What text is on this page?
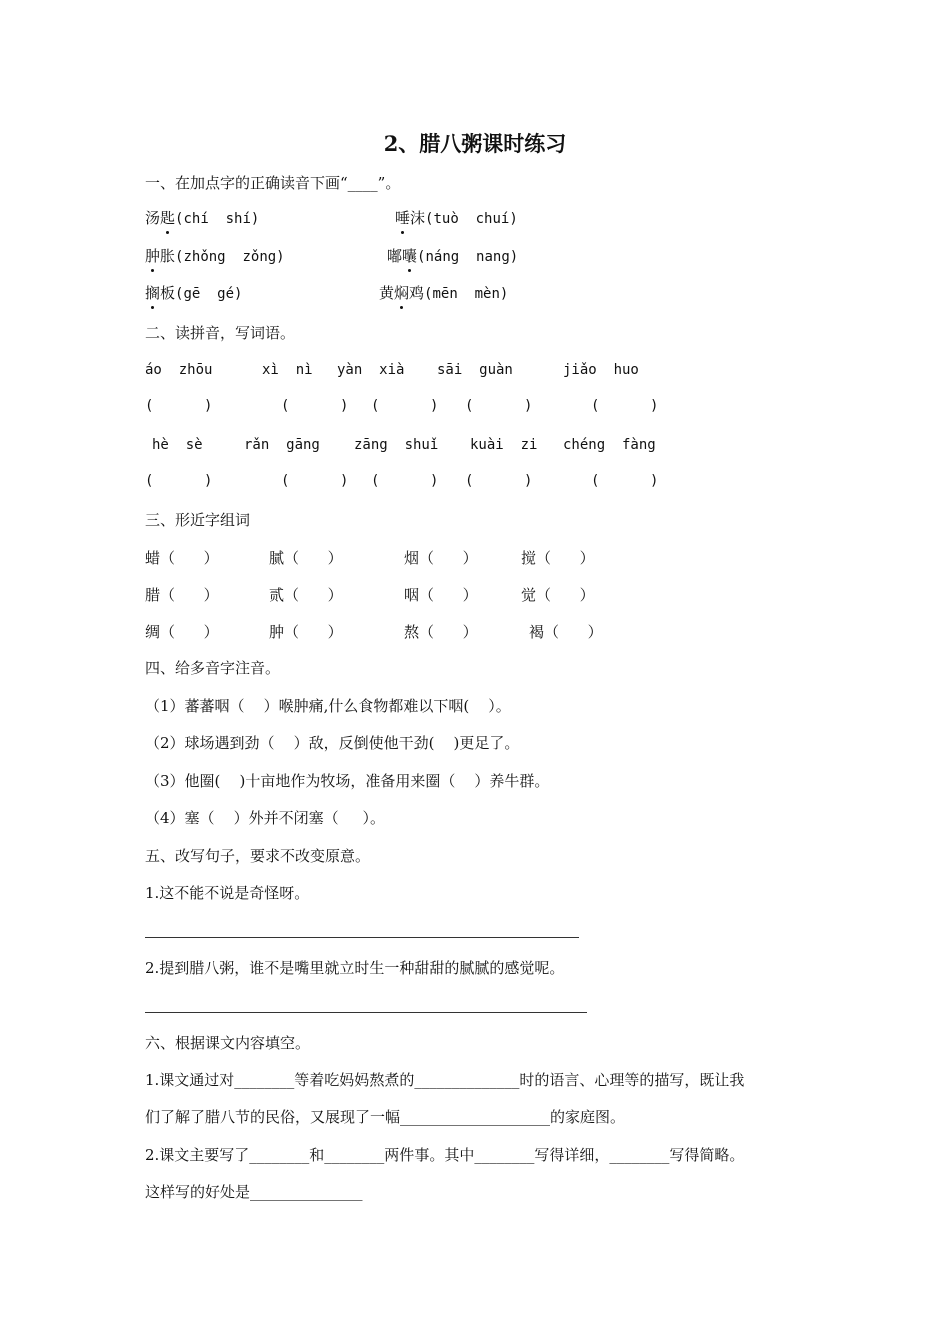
2、腊八粥课时练习
一、在加点字的正确读音下画“____”。
汤匙(chí  shí)	唾沫(tuò  chuí)
肿胀(zhǒng  zǒng)	嘟囔(náng  nang)
搁板(gē  gé)	黄焖鸡(mēn  mèn)
二、读拼音，写词语。
áo  zhōu	xì  nì yàn  xià sāi  guàn	jiǎo  huo
(      )	(      ) (      ) (      )	(      )
hè  sè	rǎn  gāng zāng  shuǐ kuài  zi chéng  fàng
(      )	(      ) (      ) (      )	(      )
三、形近字组词
蜡（      ）	腻（      ）	烟（      ）	搅（      ）
腊（      ）	贰（      ）	咽（      ）	觉（      ）
绸（      ）	肿（      ）	熬（      ）	褐（      ）
四、给多音字注音。
（1）蕃蕃咽（    ）喉肿痛,什么食物都难以下咽(    ）。
（2）球场遇到劲（    ）敌，反倒使他干劲(    )更足了。
（3）他圈(    )十亩地作为牧场，准备用来圈（    ）养牛群。
（4）塞（    ）外并不闭塞（     ）。
五、改写句子，要求不改变原意。
1.这不能不说是奇怪呀。
2.提到腊八粥，谁不是嘴里就立时生一种甜甜的腻腻的感觉呢。
六、根据课文内容填空。
1.课文通过对________等着吃妈妈熬煮的______________时的语言、心理等的描写，既让我
们了解了腊八节的民俗，又展现了一幅____________________的家庭图。
2.课文主要写了________和________两件事。其中________写得详细，________写得简略。
这样写的好处是_______________
